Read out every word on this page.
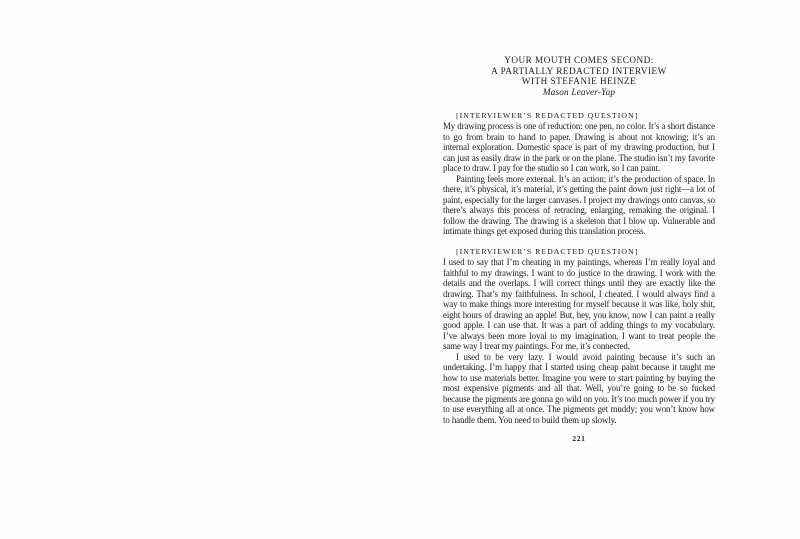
YOUR MOUTH COMES SECOND:
A PARTIALLY REDACTED INTERVIEW
WITH STEFANIE HEINZE
Mason Leaver-Yap
[INTERVIEWER’S REDACTED QUESTION]

My drawing process is one of reduction: one pen, no color. It’s a short distance to go from brain to hand to paper. Drawing is about not knowing; it’s an internal exploration. Domestic space is part of my drawing production, but I can just as easily draw in the park or on the plane. The studio isn’t my favorite place to draw. I pay for the studio so I can work, so I can paint.

Painting feels more external. It’s an action; it’s the production of space. In there, it’s physical, it’s material, it’s getting the paint down just right—a lot of paint, especially for the larger canvases. I project my drawings onto canvas, so there’s always this process of retracing, enlarging, remaking the original. I follow the drawing. The drawing is a skeleton that I blow up. Vulnerable and intimate things get exposed during this translation process.

[INTERVIEWER’S REDACTED QUESTION]

I used to say that I’m cheating in my paintings, whereas I’m really loyal and faithful to my drawings. I want to do justice to the drawing. I work with the details and the overlaps. I will correct things until they are exactly like the drawing. That’s my faithfulness. In school, I cheated. I would always find a way to make things more interesting for myself because it was like, holy shit, eight hours of drawing an apple! But, hey, you know, now I can paint a really good apple. I can use that. It was a part of adding things to my vocabulary. I’ve always been more loyal to my imagination. I want to treat people the same way I treat my paintings. For me, it’s connected.

I used to be very lazy. I would avoid painting because it’s such an undertaking. I’m happy that I started using cheap paint because it taught me how to use materials better. Imagine you were to start painting by buying the most expensive pigments and all that. Well, you’re going to be so fucked because the pigments are gonna go wild on you. It’s too much power if you try to use everything all at once. The pigments get muddy; you won’t know how to handle them. You need to build them up slowly.

221
